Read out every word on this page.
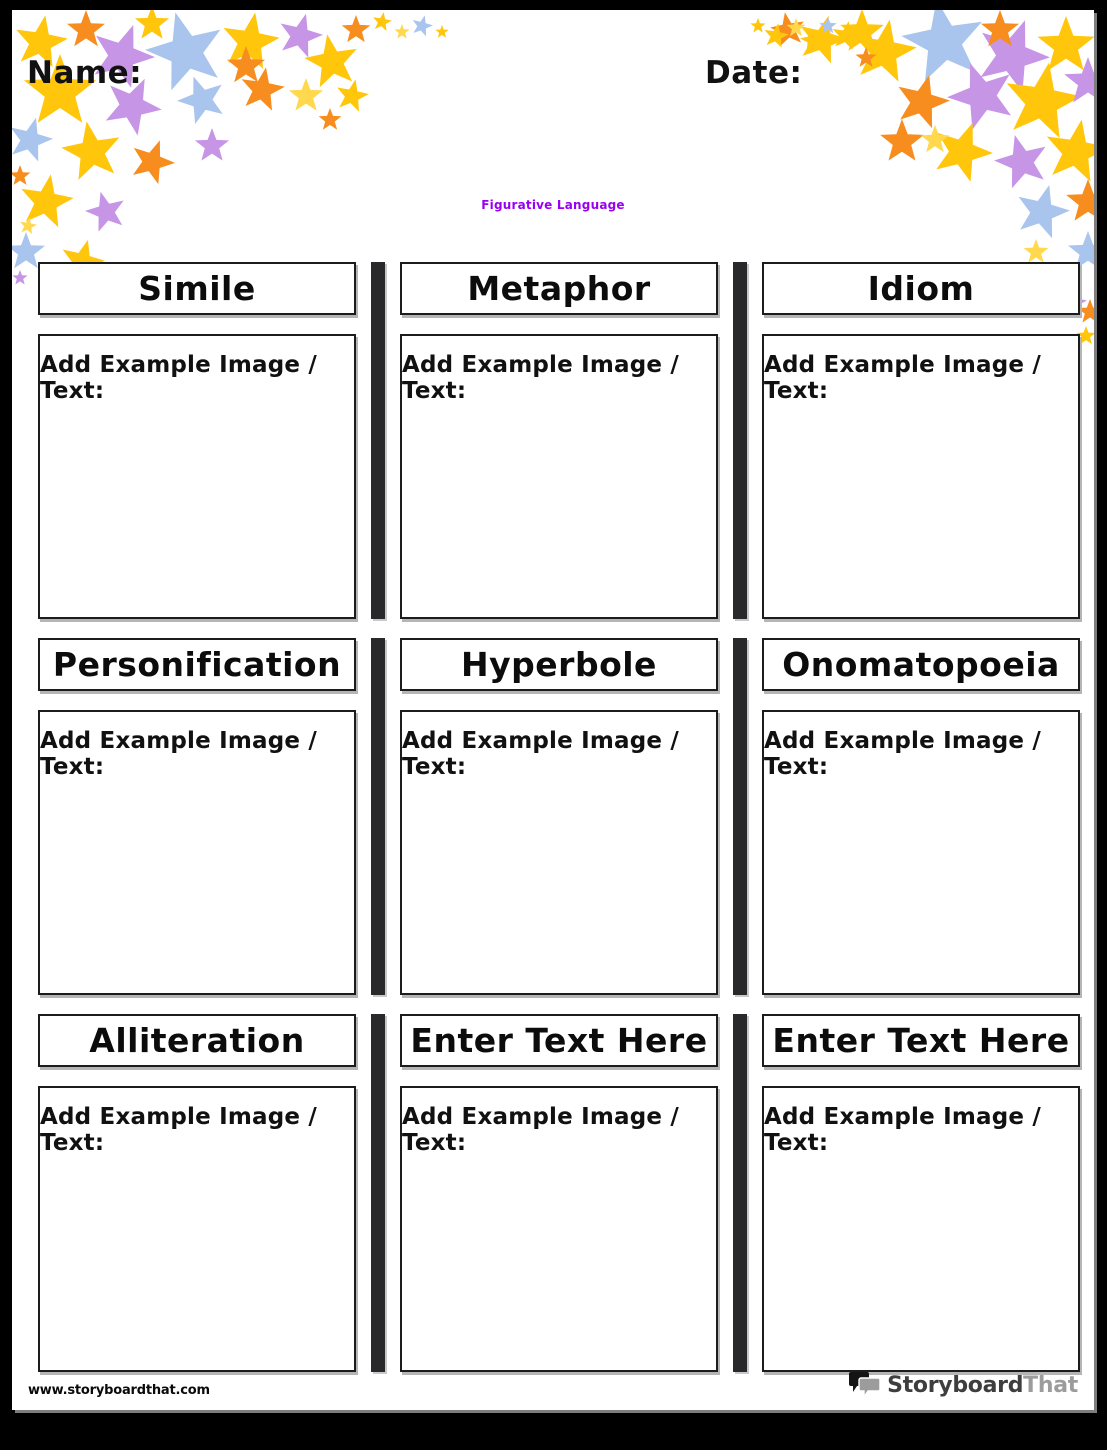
Name:	Date:
Figurative Language
Simile	Metaphor	Idiom
Add Example Image / Text:
Add Example Image / Text:
Add Example Image / Text:
Personification	Hyperbole	Onomatopoeia
Add Example Image / Text:
Add Example Image / Text:
Add Example Image / Text:
Alliteration	Enter Text Here	Enter Text Here
Add Example Image / Text:
Add Example Image / Text:
Add Example Image / Text:
www.storyboardthat.com	StoryboardThat
